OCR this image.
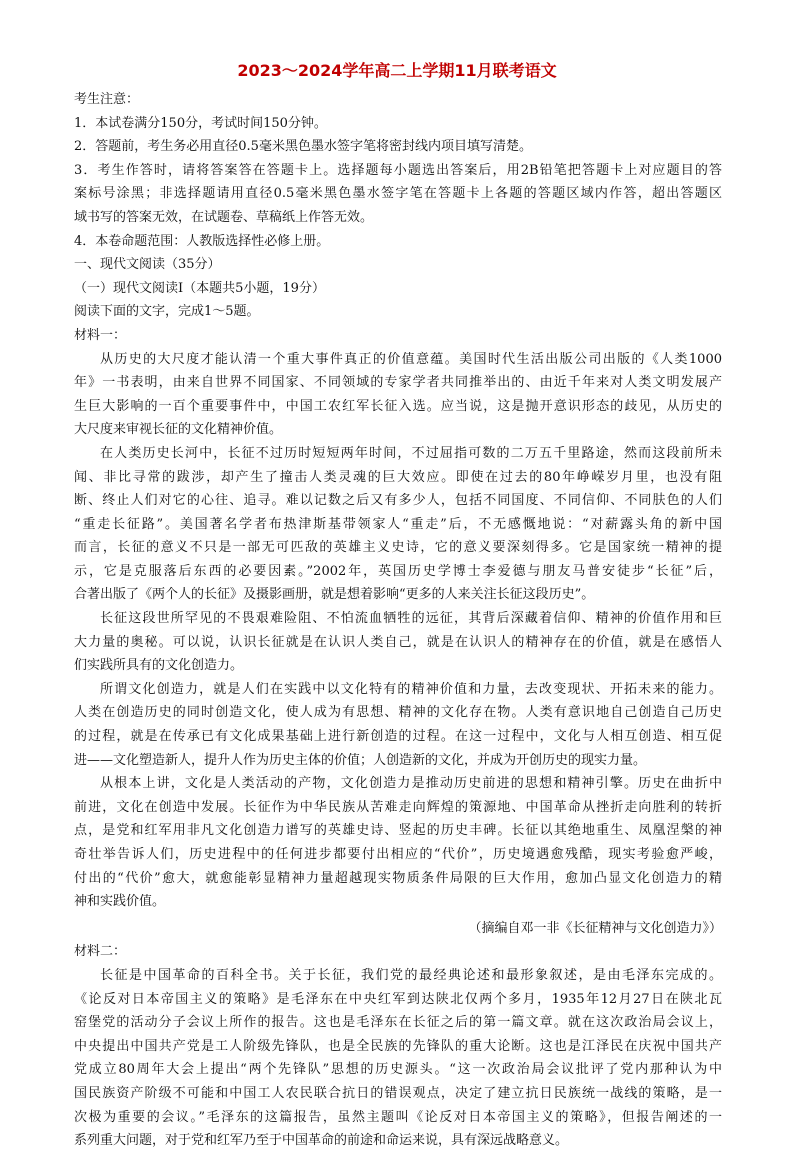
2023～2024学年高二上学期11月联考语文
考生注意：
1．本试卷满分150分，考试时间150分钟。
2．答题前，考生务必用直径0.5毫米黑色墨水签字笔将密封线内项目填写清楚。
3．考生作答时，请将答案答在答题卡上。选择题每小题选出答案后，用2B铅笔把答题卡上对应题目的答
案标号涂黑；非选择题请用直径0.5毫米黑色墨水签字笔在答题卡上各题的答题区域内作答，超出答题区
域书写的答案无效，在试题卷、草稿纸上作答无效。
4．本卷命题范围：人教版选择性必修上册。
一、现代文阅读（35分）
（一）现代文阅读Ⅰ（本题共5小题，19分）
阅读下面的文字，完成1～5题。
材料一：
从历史的大尺度才能认清一个重大事件真正的价值意蕴。美国时代生活出版公司出版的《人类1000
年》一书表明，由来自世界不同国家、不同领域的专家学者共同推举出的、由近千年来对人类文明发展产
生巨大影响的一百个重要事件中，中国工农红军长征入选。应当说，这是抛开意识形态的歧见，从历史的
大尺度来审视长征的文化精神价值。
在人类历史长河中，长征不过历时短短两年时间，不过屈指可数的二万五千里路途，然而这段前所未
闻、非比寻常的跋涉，却产生了撞击人类灵魂的巨大效应。即使在过去的80年峥嵘岁月里，也没有阻
断、终止人们对它的心往、追寻。难以记数之后又有多少人，包括不同国度、不同信仰、不同肤色的人们
“重走长征路”。美国著名学者布热津斯基带领家人“重走”后，不无感慨地说：“对薪露头角的新中国
而言，长征的意义不只是一部无可匹敌的英雄主义史诗，它的意义要深刻得多。它是国家统一精神的提
示，它是克服落后东西的必要因素。”2002年，英国历史学博士李爱德与朋友马普安徒步“长征”后，
合著出版了《两个人的长征》及摄影画册，就是想着影响“更多的人来关注长征这段历史”。
长征这段世所罕见的不畏艰难险阻、不怕流血牺牲的远征，其背后深藏着信仰、精神的价值作用和巨
大力量的奥秘。可以说，认识长征就是在认识人类自己，就是在认识人的精神存在的价值，就是在感悟人
们实践所具有的文化创造力。
所谓文化创造力，就是人们在实践中以文化特有的精神价值和力量，去改变现状、开拓未来的能力。
人类在创造历史的同时创造文化，使人成为有思想、精神的文化存在物。人类有意识地自己创造自己历史
的过程，就是在传承已有文化成果基础上进行新创造的过程。在这一过程中，文化与人相互创造、相互促
进——文化塑造新人，提升人作为历史主体的价值；人创造新的文化，并成为开创历史的现实力量。
从根本上讲，文化是人类活动的产物，文化创造力是推动历史前进的思想和精神引擎。历史在曲折中
前进，文化在创造中发展。长征作为中华民族从苦难走向辉煌的策源地、中国革命从挫折走向胜利的转折
点，是党和红军用非凡文化创造力谱写的英雄史诗、竖起的历史丰碑。长征以其绝地重生、凤凰涅槃的神
奇壮举告诉人们，历史进程中的任何进步都要付出相应的“代价”，历史境遇愈残酷，现实考验愈严峻，
付出的“代价”愈大，就愈能彰显精神力量超越现实物质条件局限的巨大作用，愈加凸显文化创造力的精
神和实践价值。
（摘编自邓一非《长征精神与文化创造力》）
材料二：
长征是中国革命的百科全书。关于长征，我们党的最经典论述和最形象叙述，是由毛泽东完成的。
《论反对日本帝国主义的策略》是毛泽东在中央红军到达陕北仅两个多月，1935年12月27日在陕北瓦
窑堡党的活动分子会议上所作的报告。这也是毛泽东在长征之后的第一篇文章。就在这次政治局会议上，
中央提出中国共产党是工人阶级先锋队，也是全民族的先锋队的重大论断。这也是江泽民在庆祝中国共产
党成立80周年大会上提出“两个先锋队”思想的历史源头。“这一次政治局会议批评了党内那种认为中
国民族资产阶级不可能和中国工人农民联合抗日的错误观点，决定了建立抗日民族统一战线的策略，是一
次极为重要的会议。”毛泽东的这篇报告，虽然主题叫《论反对日本帝国主义的策略》，但报告阐述的一
系列重大问题，对于党和红军乃至于中国革命的前途和命运来说，具有深远战略意义。
